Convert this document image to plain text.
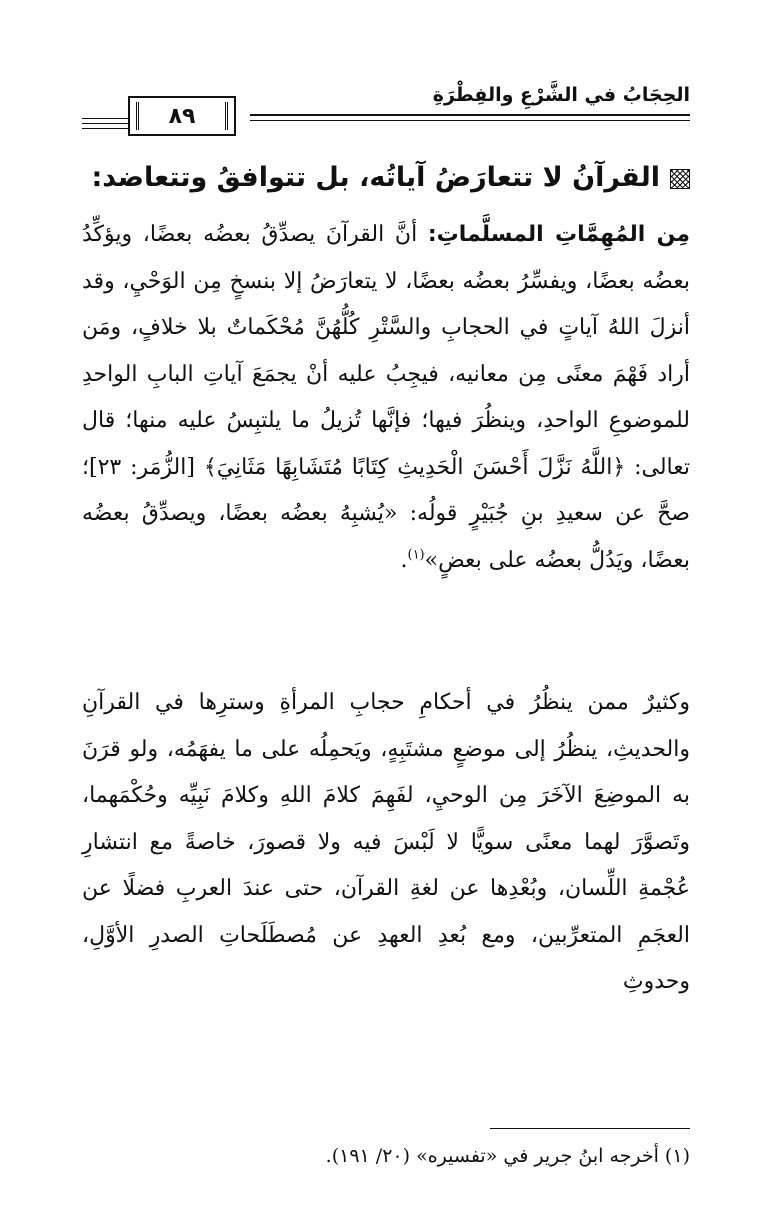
الحِجَابُ في الشَّرْعِ والفِطْرَةِ
٨٩
القرآنُ لا تتعارَضُ آياتُه، بل تتوافقُ وتتعاضد:
مِن المُهِمَّاتِ المسلَّماتِ: أنَّ القرآنَ يصدِّقُ بعضُه بعضًا، ويؤكِّدُ بعضُه بعضًا، ويفسِّرُ بعضُه بعضًا، لا يتعارَضُ إلا بنسخٍ مِن الوَحْيِ، وقد أنزلَ اللهُ آياتٍ في الحجابِ والسَّتْرِ كُلُّهُنَّ مُحْكَماتٌ بلا خلافٍ، ومَن أراد فَهْمَ معنًى مِن معانيه، فيجِبُ عليه أنْ يجمَعَ آياتِ البابِ الواحدِ للموضوعِ الواحدِ، وينظُرَ فيها؛ فإنَّها تُزيلُ ما يلتبِسُ عليه منها؛ قال تعالى: ﴿اللَّهُ نَزَّلَ أَحْسَنَ الْحَدِيثِ كِتَابًا مُتَشَابِهًا مَثَانِيَ﴾ [الزُّمَر: ٢٣]؛ صحَّ عن سعيدِ بنِ جُبَيْرٍ قولُه: «يُشبِهُ بعضُه بعضًا، ويصدِّقُ بعضُه بعضًا، ويَدُلُّ بعضُه على بعضٍ»$^{(١)}$.
وكثيرٌ ممن ينظُرُ في أحكامِ حجابِ المرأةِ وسترِها في القرآنِ والحديثِ، ينظُرُ إلى موضعٍ مشتَبِهٍ، ويَحمِلُه على ما يفهَمُه، ولو قرَنَ به الموضِعَ الآخَرَ مِن الوحيِ، لفَهِمَ كلامَ اللهِ وكلامَ نَبِيِّه وحُكْمَهما، وتَصوَّرَ لهما معنًى سويًّا لا لَبْسَ فيه ولا قصورَ، خاصةً مع انتشارِ عُجْمةِ اللِّسان، وبُعْدِها عن لغةِ القرآن، حتى عندَ العربِ فضلًا عن العجَمِ المتعرِّبين، ومع بُعدِ العهدِ عن مُصطَلَحاتِ الصدرِ الأوَّلِ، وحدوثِ
(١) أخرجه ابنُ جرير في «تفسيره» (٢٠/ ١٩١).
